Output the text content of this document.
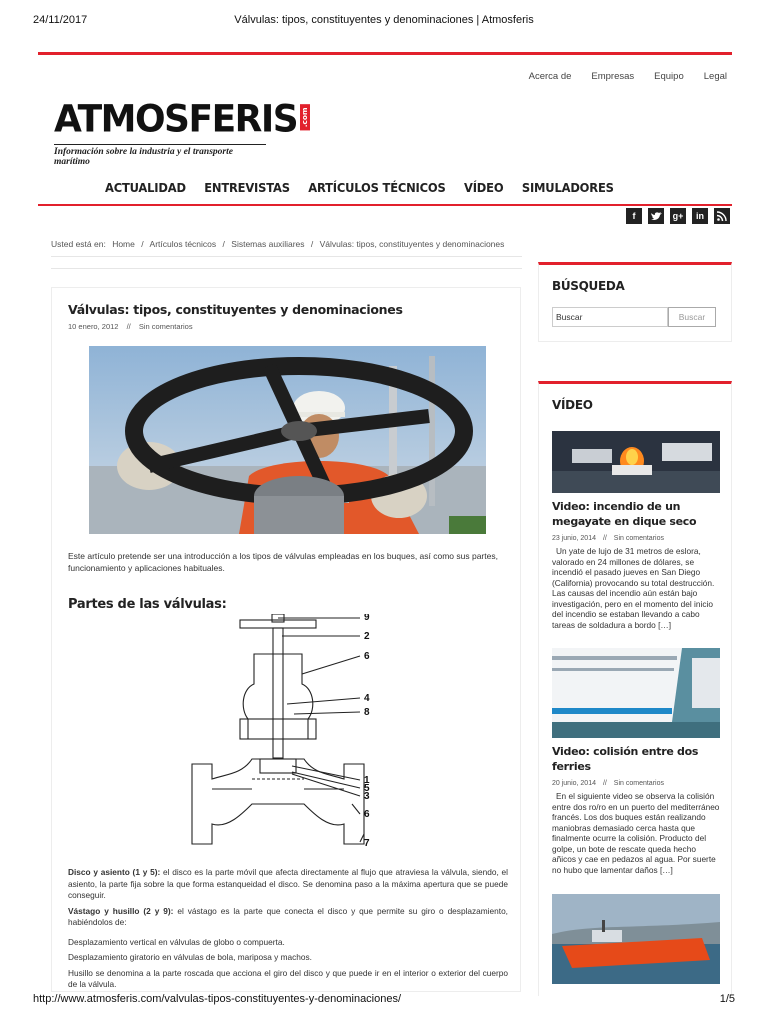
24/11/2017	Válvulas: tipos, constituyentes y denominaciones | Atmosferis
Acerca de Empresas Equipo Legal
ATMOSFERIS .com
Información sobre la industria y el transporte marítimo
ACTUALIDAD ENTREVISTAS ARTÍCULOS TÉCNICOS VÍDEO SIMULADORES
f	g+	in
Usted está en: Home / Artículos técnicos / Sistemas auxiliares / Válvulas: tipos, constituyentes y denominaciones
Válvulas: tipos, constituyentes y denominaciones
10 enero, 2012 // Sin comentarios
Este artículo pretende ser una introducción a los tipos de válvulas empleadas en los buques, así como sus partes, funcionamiento y aplicaciones habituales.
Partes de las válvulas:
9
2
6
4
8
1
5
3
6
7

Disco y asiento (1 y 5): el disco es la parte móvil que afecta directamente al flujo que atraviesa la válvula, siendo, el asiento, la parte fija sobre la que forma estanqueidad el disco. Se denomina paso a la máxima apertura que se puede conseguir.

Vástago y husillo (2 y 9): el vástago es la parte que conecta el disco y que permite su giro o desplazamiento, habiéndolos de:

Desplazamiento vertical en válvulas de globo o compuerta.

Desplazamiento giratorio en válvulas de bola, mariposa y machos.

Husillo se denomina a la parte roscada que acciona el giro del disco y que puede ir en el interior o exterior del cuerpo de la válvula.

BÚSQUEDA
Buscar
Buscar
VÍDEO
Video: incendio de un megayate en dique seco
23 junio, 2014 // Sin comentarios
Un yate de lujo de 31 metros de eslora, valorado en 24 millones de dólares, se incendió el pasado jueves en San Diego (California) provocando su total destrucción. Las causas del incendio aún están bajo investigación, pero en el momento del inicio del incendio se estaban llevando a cabo tareas de soldadura a bordo […]
Video: colisión entre dos ferries
20 junio, 2014 // Sin comentarios
En el siguiente video se observa la colisión entre dos ro/ro en un puerto del mediterráneo francés. Los dos buques están realizando maniobras demasiado cerca hasta que finalmente ocurre la colisión. Producto del golpe, un bote de rescate queda hecho añicos y cae en pedazos al agua. Por suerte no hubo que lamentar daños […]
http://www.atmosferis.com/valvulas-tipos-constituyentes-y-denominaciones/	1/5
